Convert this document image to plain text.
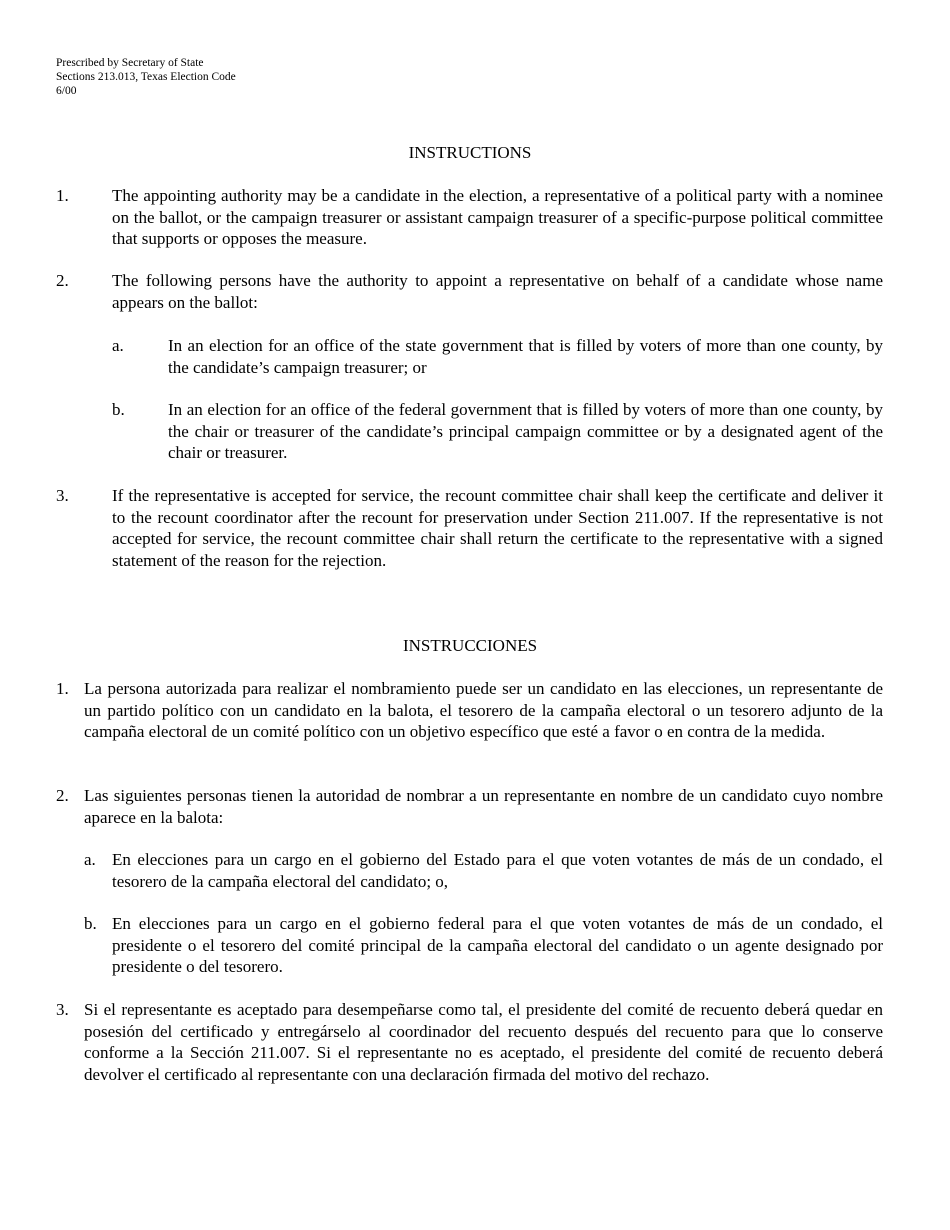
Prescribed by Secretary of State
Sections 213.013, Texas Election Code
6/00
INSTRUCTIONS
1.	The appointing authority may be a candidate in the election, a representative of a political party with a nominee on the ballot, or the campaign treasurer or assistant campaign treasurer of a specific-purpose political committee that supports or opposes the measure.
2.	The following persons have the authority to appoint a representative on behalf of a candidate whose name appears on the ballot:
a.	In an election for an office of the state government that is filled by voters of more than one county, by the candidate’s campaign treasurer; or
b.	In an election for an office of the federal government that is filled by voters of more than one county, by the chair or treasurer of the candidate’s principal campaign committee or by a designated agent of the chair or treasurer.
3.	If the representative is accepted for service, the recount committee chair shall keep the certificate and deliver it to the recount coordinator after the recount for preservation under Section 211.007. If the representative is not accepted for service, the recount committee chair shall return the certificate to the representative with a signed statement of the reason for the rejection.
INSTRUCCIONES
1. La persona autorizada para realizar el nombramiento puede ser un candidato en las elecciones, un representante de un partido político con un candidato en la balota, el tesorero de la campaña electoral o un tesorero adjunto de la campaña electoral de un comité político con un objetivo específico que esté a favor o en contra de la medida.
2. Las siguientes personas tienen la autoridad de nombrar a un representante en nombre de un candidato cuyo nombre aparece en la balota:
a. En elecciones para un cargo en el gobierno del Estado para el que voten votantes de más de un condado, el tesorero de la campaña electoral del candidato; o,
b. En elecciones para un cargo en el gobierno federal para el que voten votantes de más de un condado, el presidente o el tesorero del comité principal de la campaña electoral del candidato o un agente designado por presidente o del tesorero.
3. Si el representante es aceptado para desempeñarse como tal, el presidente del comité de recuento deberá quedar en posesión del certificado y entregárselo al coordinador del recuento después del recuento para que lo conserve conforme a la Sección 211.007. Si el representante no es aceptado, el presidente del comité de recuento deberá devolver el certificado al representante con una declaración firmada del motivo del rechazo.
